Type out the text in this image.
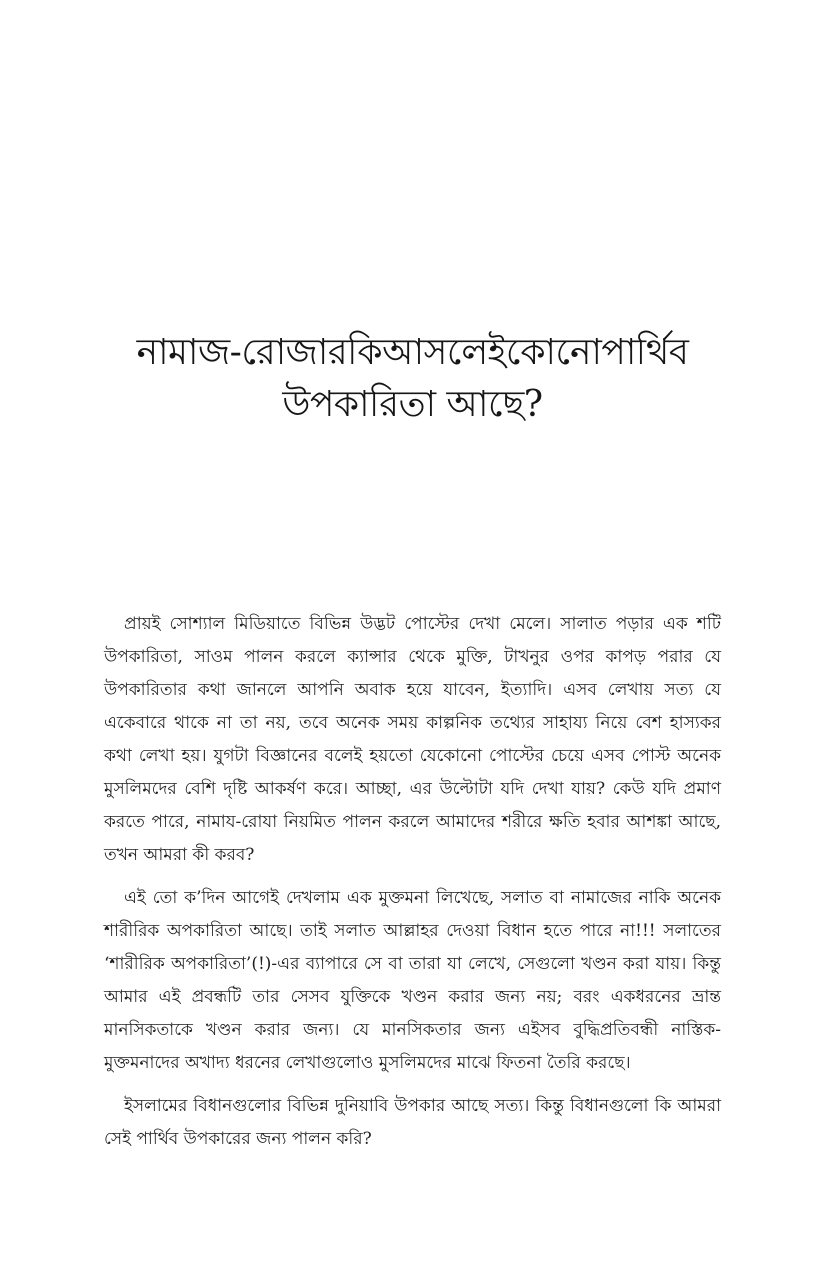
নামাজ-রোজারকিআসলেইকোনোপার্থিব
উপকারিতা আছে?

প্রায়ই সোশ্যাল মিডিয়াতে বিভিন্ন উদ্ভট পোস্টের দেখা মেলে। সালাত পড়ার এক শটি উপকারিতা, সাওম পালন করলে ক্যান্সার থেকে মুক্তি, টাখনুর ওপর কাপড় পরার যে উপকারিতার কথা জানলে আপনি অবাক হয়ে যাবেন, ইত্যাদি। এসব লেখায় সত্য যে একেবারে থাকে না তা নয়, তবে অনেক সময় কাল্পনিক তথ্যের সাহায্য নিয়ে বেশ হাস্যকর কথা লেখা হয়। যুগটা বিজ্ঞানের বলেই হয়তো যেকোনো পোস্টের চেয়ে এসব পোস্ট অনেক মুসলিমদের বেশি দৃষ্টি আকর্ষণ করে। আচ্ছা, এর উল্টোটা যদি দেখা যায়? কেউ যদি প্রমাণ করতে পারে, নামায-রোযা নিয়মিত পালন করলে আমাদের শরীরে ক্ষতি হবার আশঙ্কা আছে, তখন আমরা কী করব?

এই তো ক’দিন আগেই দেখলাম এক মুক্তমনা লিখেছে, সলাত বা নামাজের নাকি অনেক শারীরিক অপকারিতা আছে। তাই সলাত আল্লাহর দেওয়া বিধান হতে পারে না!!! সলাতের ‘শারীরিক অপকারিতা’(!)-এর ব্যাপারে সে বা তারা যা লেখে, সেগুলো খণ্ডন করা যায়। কিন্তু আমার এই প্রবন্ধটি তার সেসব যুক্তিকে খণ্ডন করার জন্য নয়; বরং একধরনের ভ্রান্ত মানসিকতাকে খণ্ডন করার জন্য। যে মানসিকতার জন্য এইসব বুদ্ধিপ্রতিবন্ধী নাস্তিক-মুক্তমনাদের অখাদ্য ধরনের লেখাগুলোও মুসলিমদের মাঝে ফিতনা তৈরি করছে।

ইসলামের বিধানগুলোর বিভিন্ন দুনিয়াবি উপকার আছে সত্য। কিন্তু বিধানগুলো কি আমরা সেই পার্থিব উপকারের জন্য পালন করি?
